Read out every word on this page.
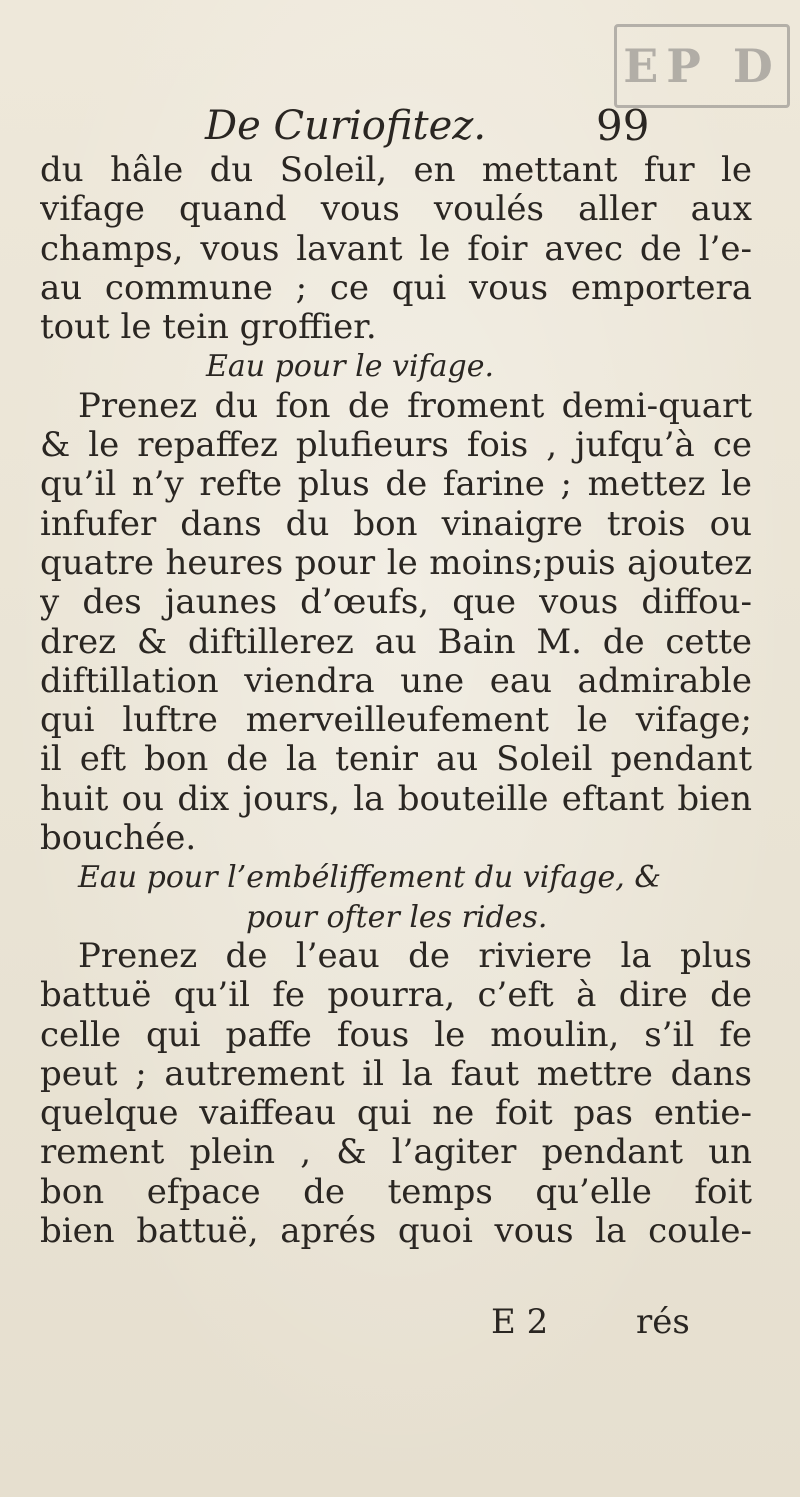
EP D
De Curiofitez.	99
du hâle du Soleil, en mettant fur le
vifage quand vous voulés aller aux
champs, vous lavant le foir avec de l’e-
au commune ; ce qui vous emportera
tout le tein groffier.
Eau pour le vifage.
Prenez du fon de froment demi-quart
& le repaffez plufieurs fois , jufqu’à ce
qu’il n’y refte plus de farine ; mettez le
infufer dans du bon vinaigre trois ou
quatre heures pour le moins;puis ajoutez
y des jaunes d’œufs, que vous diffou-
drez & diftillerez au Bain M. de cette
diftillation viendra une eau admirable
qui luftre merveilleufement le vifage;
il eft bon de la tenir au Soleil pendant
huit ou dix jours, la bouteille eftant bien
bouchée.
Eau pour l’embéliffement du vifage, &
pour ofter les rides.
Prenez de l’eau de riviere la plus
battuë qu’il fe pourra, c’eft à dire de
celle qui paffe fous le moulin, s’il fe
peut ; autrement il la faut mettre dans
quelque vaiffeau qui ne foit pas entie-
rement plein , & l’agiter pendant un
bon efpace de temps qu’elle foit
bien battuë, aprés quoi vous la coule-
E 2	rés
